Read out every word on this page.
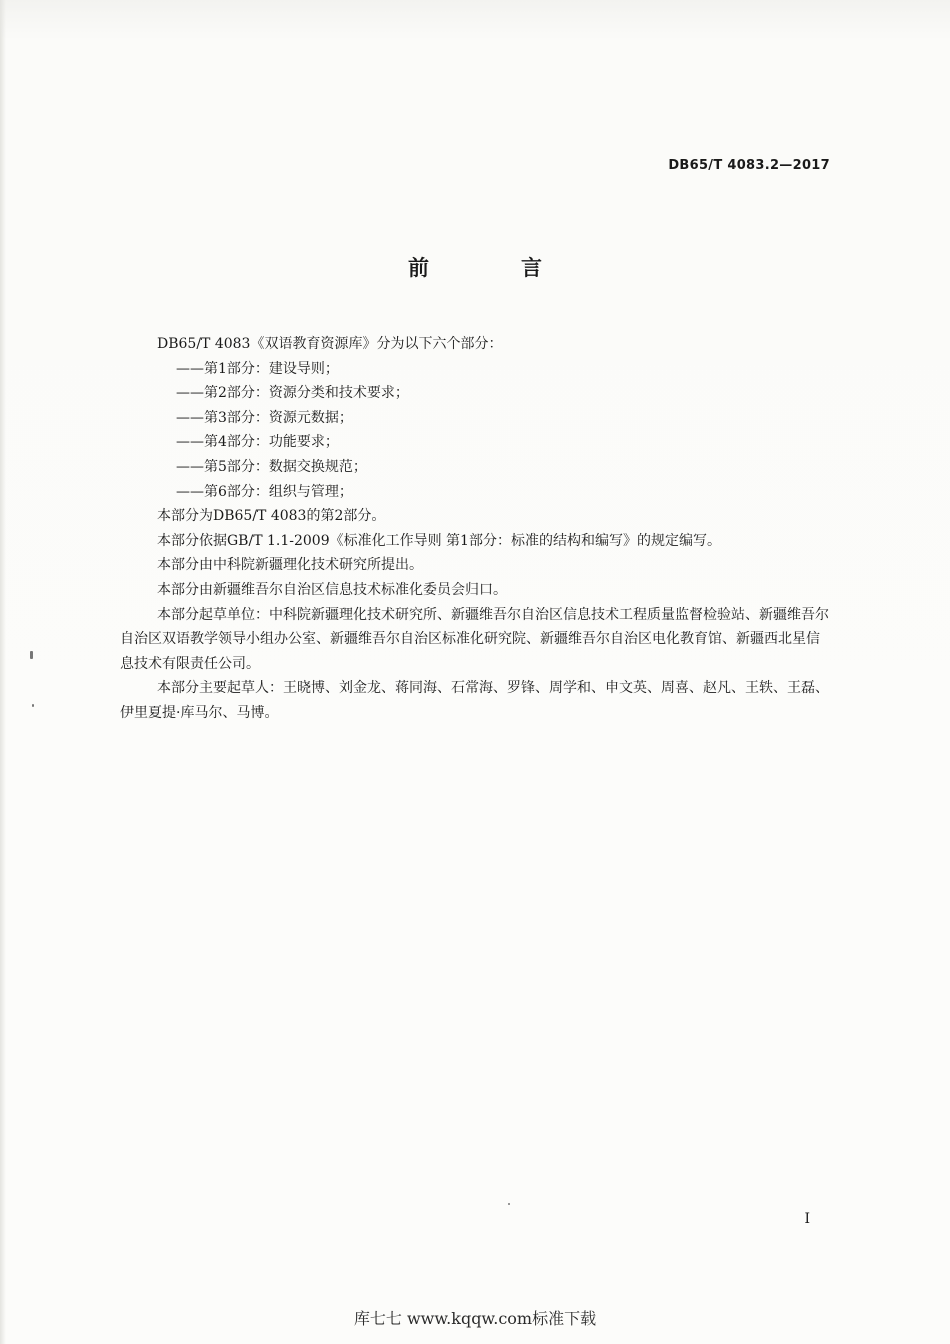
DB65/T 4083.2—2017
前	言

DB65/T 4083《双语教育资源库》分为以下六个部分：

——第1部分：建设导则；

——第2部分：资源分类和技术要求；

——第3部分：资源元数据；

——第4部分：功能要求；

——第5部分：数据交换规范；

——第6部分：组织与管理；

本部分为DB65/T 4083的第2部分。

本部分依据GB/T 1.1-2009《标准化工作导则 第1部分：标准的结构和编写》的规定编写。

本部分由中科院新疆理化技术研究所提出。

本部分由新疆维吾尔自治区信息技术标准化委员会归口。

本部分起草单位：中科院新疆理化技术研究所、新疆维吾尔自治区信息技术工程质量监督检验站、新疆维吾尔自治区双语教学领导小组办公室、新疆维吾尔自治区标准化研究院、新疆维吾尔自治区电化教育馆、新疆西北星信息技术有限责任公司。

本部分主要起草人：王晓博、刘金龙、蒋同海、石常海、罗锋、周学和、申文英、周喜、赵凡、王轶、王磊、伊里夏提·库马尔、马博。

I
库七七 www.kqqw.com标准下载
